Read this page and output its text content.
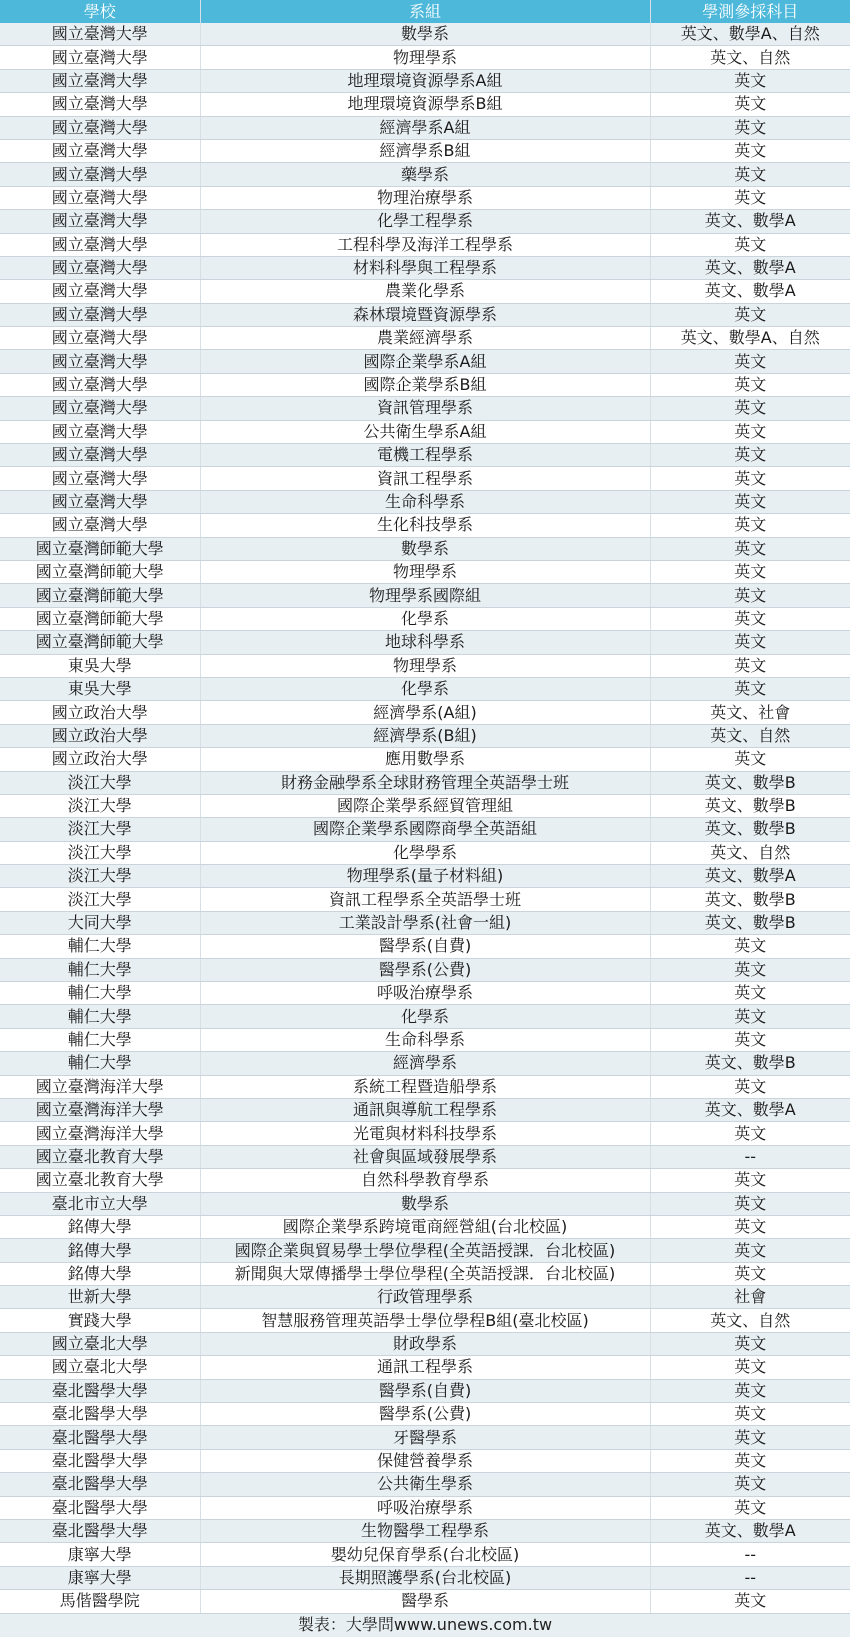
學校	系組	學測參採科目
國立臺灣大學	數學系	英文、數學A、自然
國立臺灣大學	物理學系	英文、自然
國立臺灣大學	地理環境資源學系A組	英文
國立臺灣大學	地理環境資源學系B組	英文
國立臺灣大學	經濟學系A組	英文
國立臺灣大學	經濟學系B組	英文
國立臺灣大學	藥學系	英文
國立臺灣大學	物理治療學系	英文
國立臺灣大學	化學工程學系	英文、數學A
國立臺灣大學	工程科學及海洋工程學系	英文
國立臺灣大學	材料科學與工程學系	英文、數學A
國立臺灣大學	農業化學系	英文、數學A
國立臺灣大學	森林環境暨資源學系	英文
國立臺灣大學	農業經濟學系	英文、數學A、自然
國立臺灣大學	國際企業學系A組	英文
國立臺灣大學	國際企業學系B組	英文
國立臺灣大學	資訊管理學系	英文
國立臺灣大學	公共衛生學系A組	英文
國立臺灣大學	電機工程學系	英文
國立臺灣大學	資訊工程學系	英文
國立臺灣大學	生命科學系	英文
國立臺灣大學	生化科技學系	英文
國立臺灣師範大學	數學系	英文
國立臺灣師範大學	物理學系	英文
國立臺灣師範大學	物理學系國際組	英文
國立臺灣師範大學	化學系	英文
國立臺灣師範大學	地球科學系	英文
東吳大學	物理學系	英文
東吳大學	化學系	英文
國立政治大學	經濟學系(A組)	英文、社會
國立政治大學	經濟學系(B組)	英文、自然
國立政治大學	應用數學系	英文
淡江大學	財務金融學系全球財務管理全英語學士班	英文、數學B
淡江大學	國際企業學系經貿管理組	英文、數學B
淡江大學	國際企業學系國際商學全英語組	英文、數學B
淡江大學	化學學系	英文、自然
淡江大學	物理學系(量子材料組)	英文、數學A
淡江大學	資訊工程學系全英語學士班	英文、數學B
大同大學	工業設計學系(社會一組)	英文、數學B
輔仁大學	醫學系(自費)	英文
輔仁大學	醫學系(公費)	英文
輔仁大學	呼吸治療學系	英文
輔仁大學	化學系	英文
輔仁大學	生命科學系	英文
輔仁大學	經濟學系	英文、數學B
國立臺灣海洋大學	系統工程暨造船學系	英文
國立臺灣海洋大學	通訊與導航工程學系	英文、數學A
國立臺灣海洋大學	光電與材料科技學系	英文
國立臺北教育大學	社會與區域發展學系	--
國立臺北教育大學	自然科學教育學系	英文
臺北市立大學	數學系	英文
銘傳大學	國際企業學系跨境電商經營組(台北校區)	英文
銘傳大學	國際企業與貿易學士學位學程(全英語授課．台北校區)	英文
銘傳大學	新聞與大眾傳播學士學位學程(全英語授課．台北校區)	英文
世新大學	行政管理學系	社會
實踐大學	智慧服務管理英語學士學位學程B組(臺北校區)	英文、自然
國立臺北大學	財政學系	英文
國立臺北大學	通訊工程學系	英文
臺北醫學大學	醫學系(自費)	英文
臺北醫學大學	醫學系(公費)	英文
臺北醫學大學	牙醫學系	英文
臺北醫學大學	保健營養學系	英文
臺北醫學大學	公共衛生學系	英文
臺北醫學大學	呼吸治療學系	英文
臺北醫學大學	生物醫學工程學系	英文、數學A
康寧大學	嬰幼兒保育學系(台北校區)	--
康寧大學	長期照護學系(台北校區)	--
馬偕醫學院	醫學系	英文
製表：大學問www.unews.com.tw		
